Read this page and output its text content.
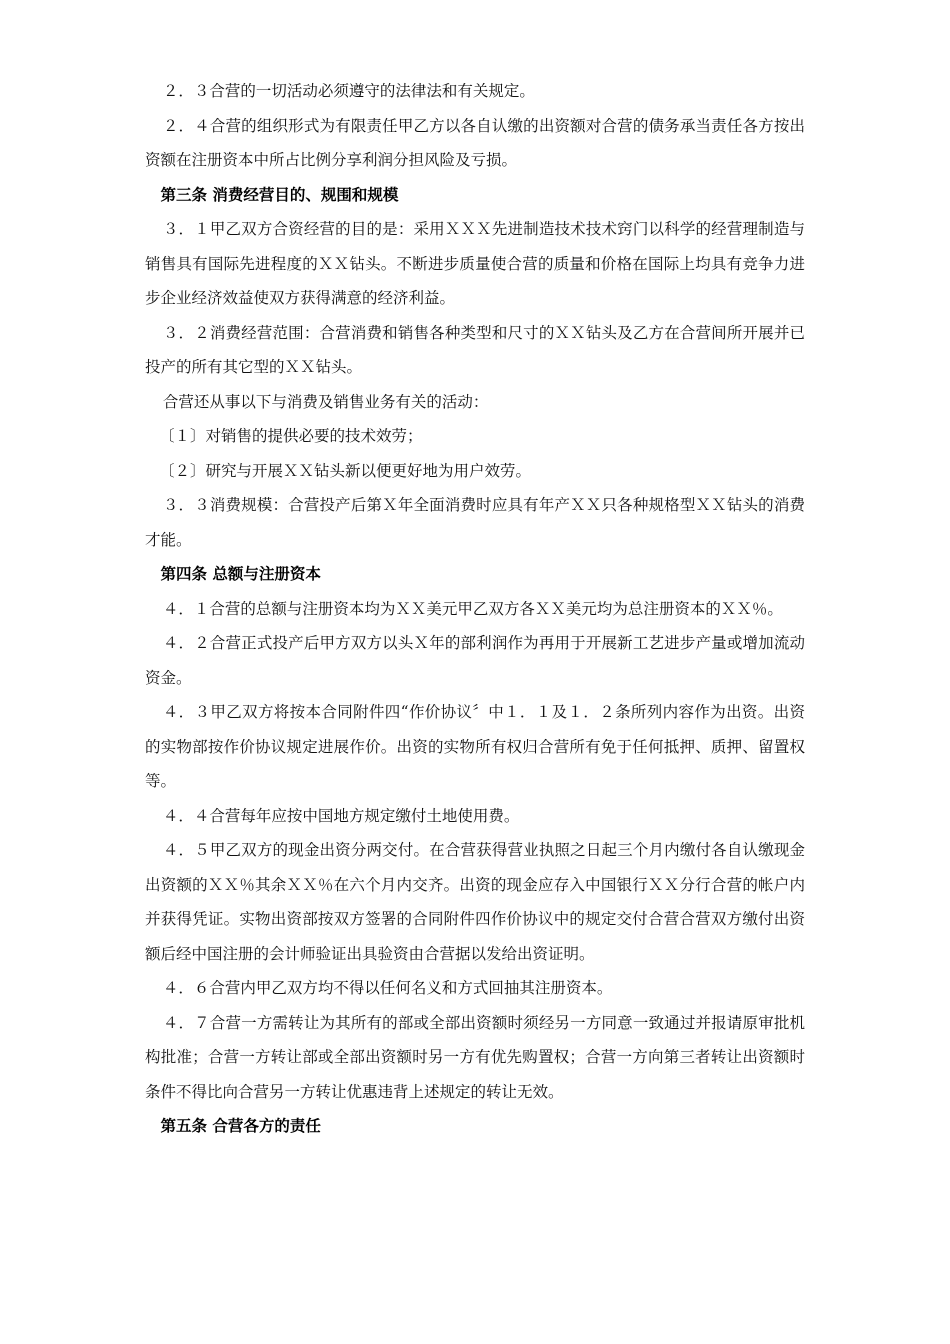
２．３合营的一切活动必须遵守的法律法和有关规定。

２．４合营的组织形式为有限责任甲乙方以各自认缴的出资额对合营的债务承当责任各方按出资额在注册资本中所占比例分享利润分担风险及亏损。

第三条 消费经营目的、规围和规模

３．１甲乙双方合资经营的目的是：采用ＸＸＸ先进制造技术技术窍门以科学的经营理制造与销售具有国际先进程度的ＸＸ钻头。不断进步质量使合营的质量和价格在国际上均具有竞争力进步企业经济效益使双方获得满意的经济利益。

３．２消费经营范围：合营消费和销售各种类型和尺寸的ＸＸ钻头及乙方在合营间所开展并已投产的所有其它型的ＸＸ钻头。

合营还从事以下与消费及销售业务有关的活动：

〔１〕对销售的提供必要的技术效劳；

〔２〕研究与开展ＸＸ钻头新以便更好地为用户效劳。

３．３消费规模：合营投产后第Ｘ年全面消费时应具有年产ＸＸ只各种规格型ＸＸ钻头的消费才能。

第四条 总额与注册资本

４．１合营的总额与注册资本均为ＸＸ美元甲乙双方各ＸＸ美元均为总注册资本的ＸＸ％。

４．２合营正式投产后甲方双方以头Ｘ年的部利润作为再用于开展新工艺进步产量或增加流动资金。

４．３甲乙双方将按本合同附件四“作价协议〞中１．１及１．２条所列内容作为出资。出资的实物部按作价协议规定进展作价。出资的实物所有权归合营所有免于任何抵押、质押、留置权等。

４．４合营每年应按中国地方规定缴付土地使用费。

４．５甲乙双方的现金出资分两交付。在合营获得营业执照之日起三个月内缴付各自认缴现金出资额的ＸＸ％其余ＸＸ％在六个月内交齐。出资的现金应存入中国银行ＸＸ分行合营的帐户内并获得凭证。实物出资部按双方签署的合同附件四作价协议中的规定交付合营合营双方缴付出资额后经中国注册的会计师验证出具验资由合营据以发给出资证明。

４．６合营内甲乙双方均不得以任何名义和方式回抽其注册资本。

４．７合营一方需转让为其所有的部或全部出资额时须经另一方同意一致通过并报请原审批机构批准；合营一方转让部或全部出资额时另一方有优先购置权；合营一方向第三者转让出资额时条件不得比向合营另一方转让优惠违背上述规定的转让无效。

第五条 合营各方的责任
